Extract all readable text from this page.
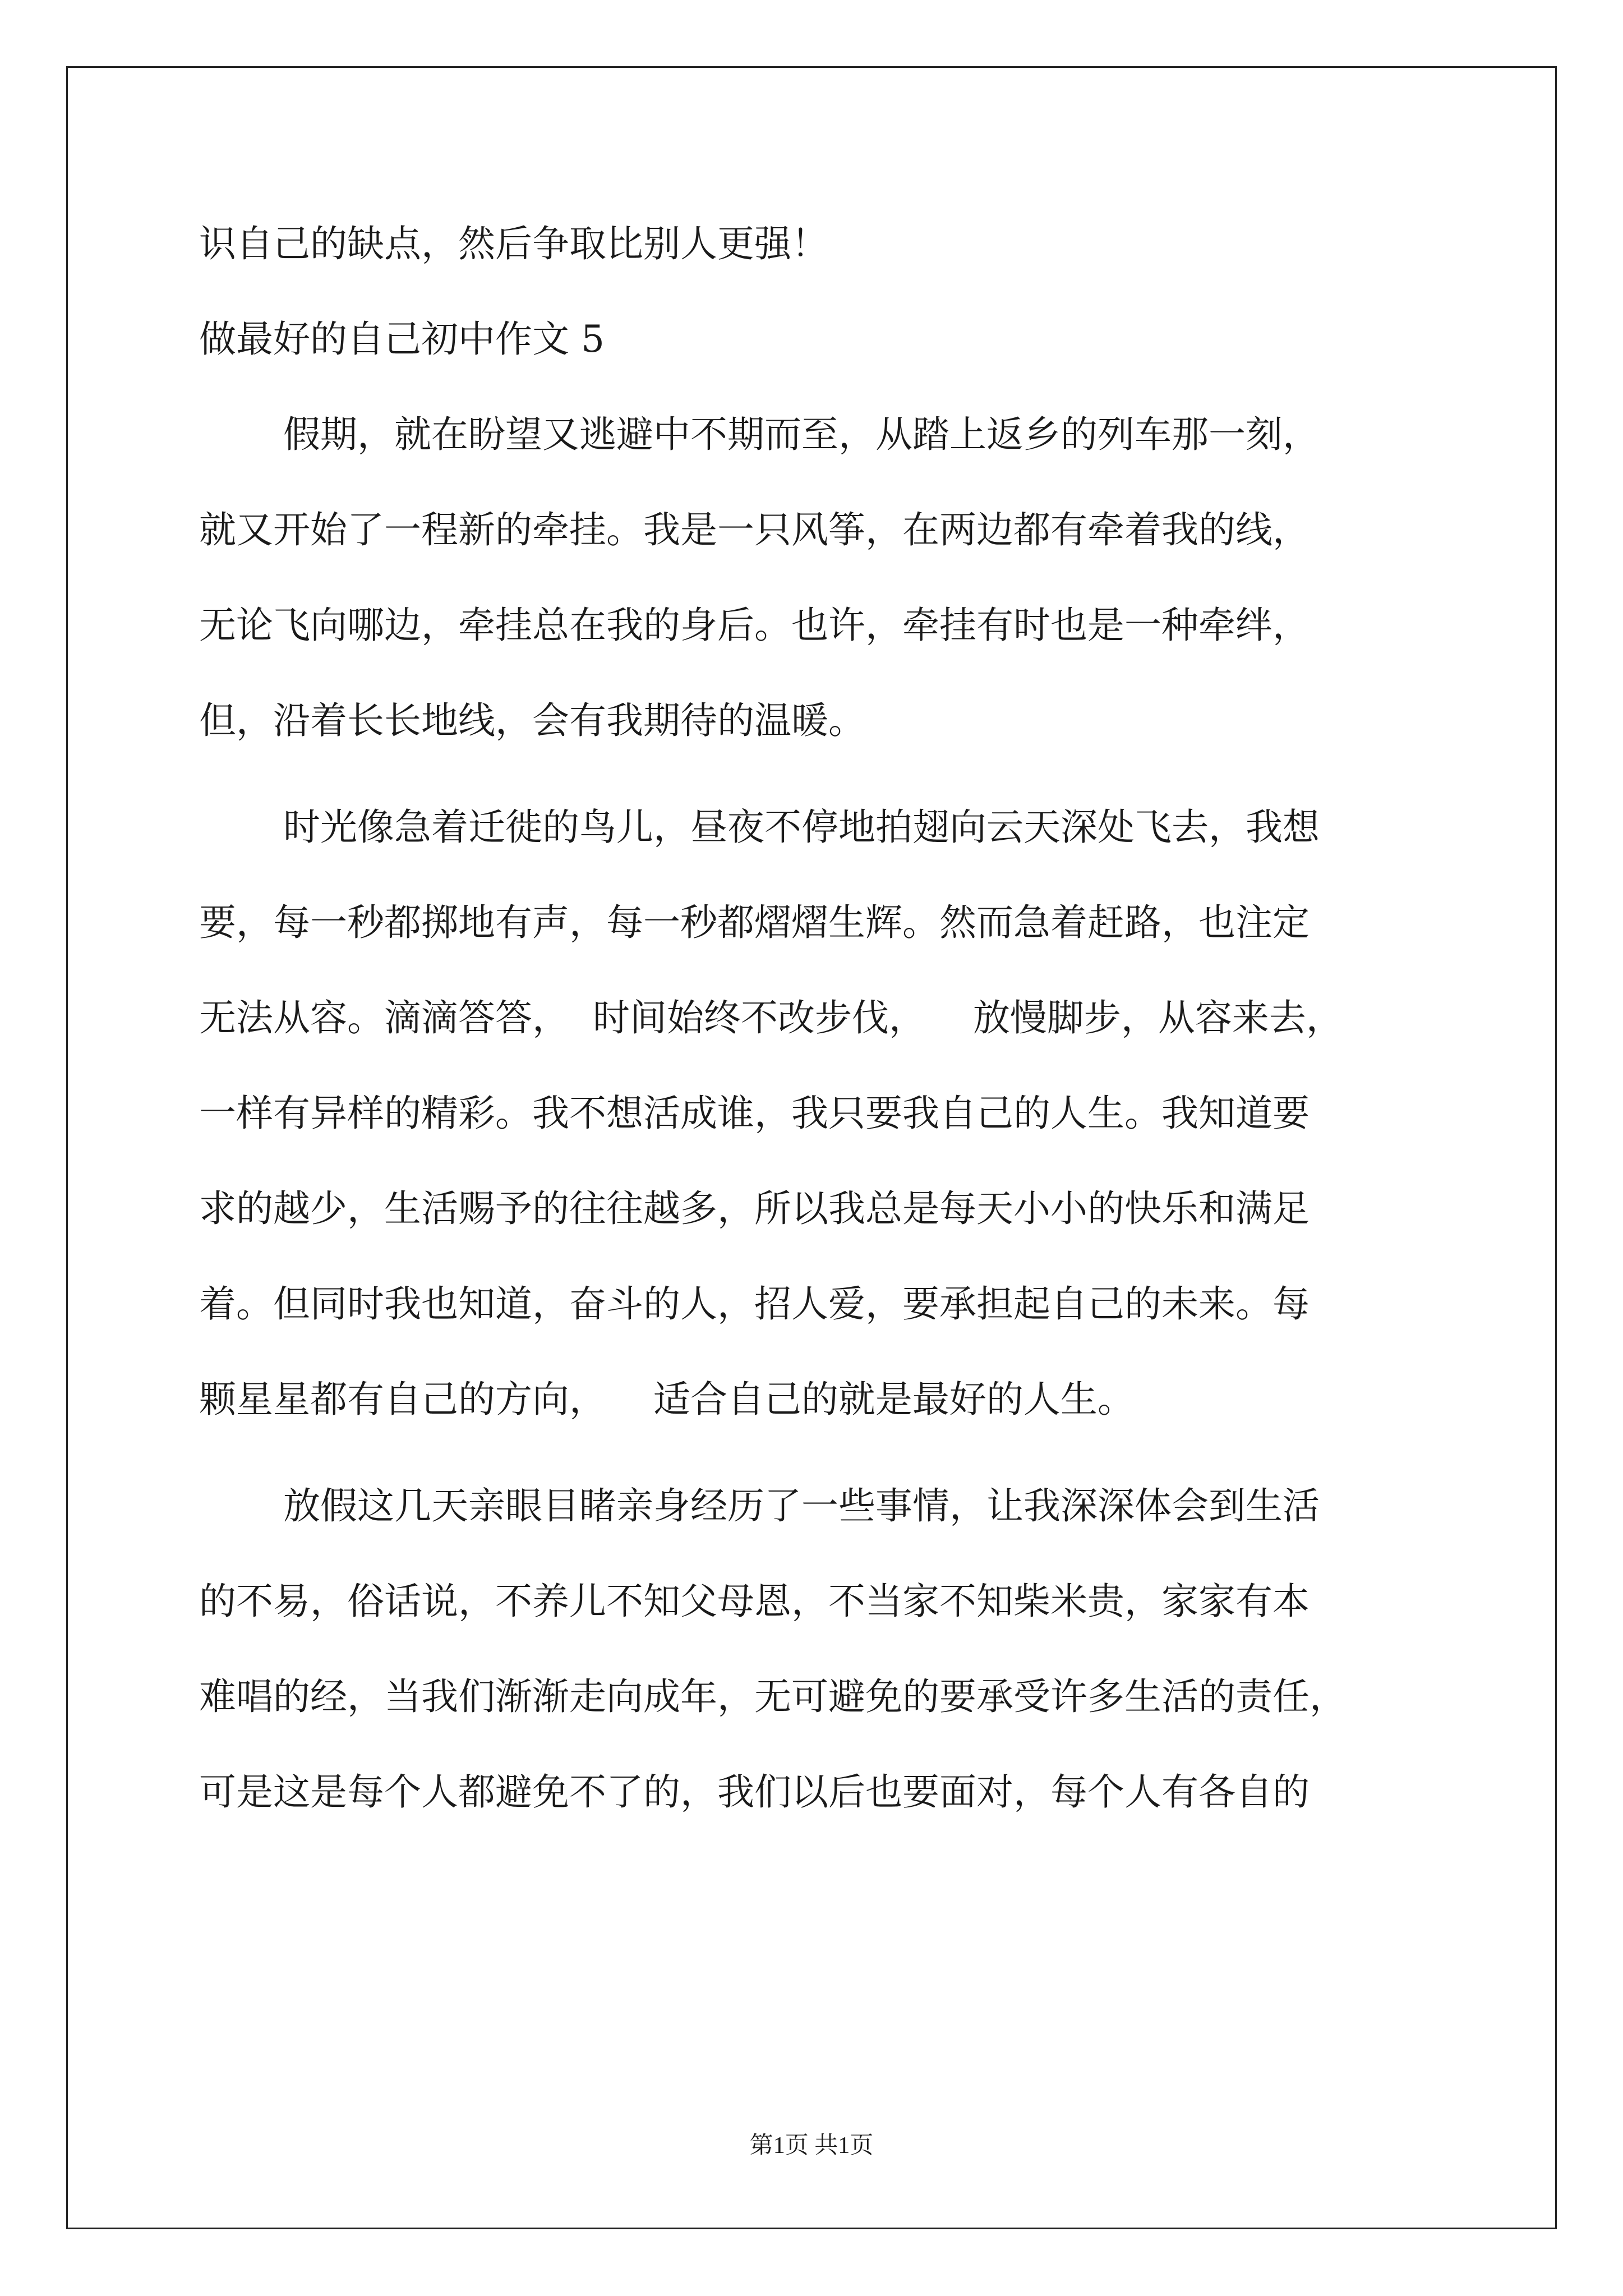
识自己的缺点，然后争取比别人更强！
做最好的自己初中作文 5
假期，就在盼望又逃避中不期而至，从踏上返乡的列车那一刻，
就又开始了一程新的牵挂。我是一只风筝，在两边都有牵着我的线，
无论飞向哪边，牵挂总在我的身后。也许，牵挂有时也是一种牵绊，
但，沿着长长地线，会有我期待的温暖。
时光像急着迁徙的鸟儿，昼夜不停地拍翅向云天深处飞去，我想
要，每一秒都掷地有声，每一秒都熠熠生辉。然而急着赶路，也注定
无法从容。滴滴答答，  时间始终不改步伐，    放慢脚步，从容来去，
一样有异样的精彩。我不想活成谁，我只要我自己的人生。我知道要
求的越少，生活赐予的往往越多，所以我总是每天小小的快乐和满足
着。但同时我也知道，奋斗的人，招人爱，要承担起自己的未来。每
颗星星都有自己的方向，    适合自己的就是最好的人生。
放假这几天亲眼目睹亲身经历了一些事情，让我深深体会到生活
的不易，俗话说，不养儿不知父母恩，不当家不知柴米贵，家家有本
难唱的经，当我们渐渐走向成年，无可避免的要承受许多生活的责任，
可是这是每个人都避免不了的，我们以后也要面对，每个人有各自的
第1页 共1页
